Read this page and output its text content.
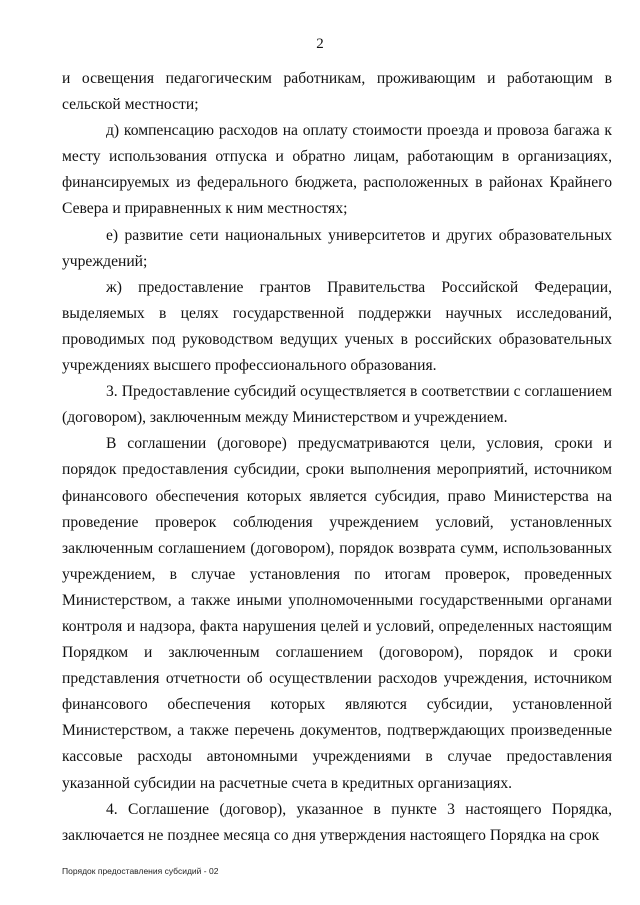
2

и освещения педагогическим работникам, проживающим и работающим в сельской местности;

д) компенсацию расходов на оплату стоимости проезда и провоза багажа к месту использования отпуска и обратно лицам, работающим в организациях, финансируемых из федерального бюджета, расположенных в районах Крайнего Севера и приравненных к ним местностях;

е) развитие сети национальных университетов и других образовательных учреждений;

ж) предоставление грантов Правительства Российской Федерации, выделяемых в целях государственной поддержки научных исследований, проводимых под руководством ведущих ученых в российских образовательных учреждениях высшего профессионального образования.

3. Предоставление субсидий осуществляется в соответствии с соглашением (договором), заключенным между Министерством и учреждением.

В соглашении (договоре) предусматриваются цели, условия, сроки и порядок предоставления субсидии, сроки выполнения мероприятий, источником финансового обеспечения которых является субсидия, право Министерства на проведение проверок соблюдения учреждением условий, установленных заключенным соглашением (договором), порядок возврата сумм, использованных учреждением, в случае установления по итогам проверок, проведенных Министерством, а также иными уполномоченными государственными органами контроля и надзора, факта нарушения целей и условий, определенных настоящим Порядком и заключенным соглашением (договором), порядок и сроки представления отчетности об осуществлении расходов учреждения, источником финансового обеспечения которых являются субсидии, установленной Министерством, а также перечень документов, подтверждающих произведенные кассовые расходы автономными учреждениями в случае предоставления указанной субсидии на расчетные счета в кредитных организациях.

4. Соглашение (договор), указанное в пункте 3 настоящего Порядка, заключается не позднее месяца со дня утверждения настоящего Порядка на срок

Порядок предоставления субсидий - 02
